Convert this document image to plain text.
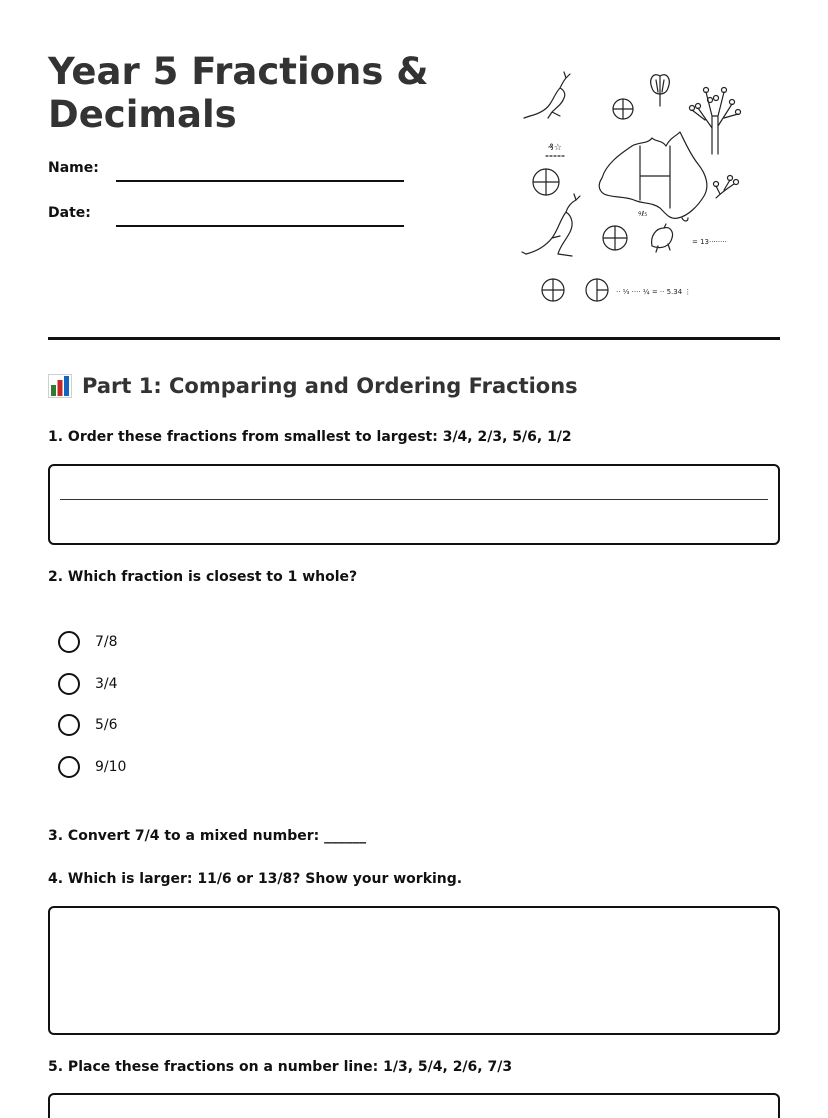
Year 5 Fractions & Decimals
Name:
Date:
₰☆
୨ℓ₅
= 13········
·· ⅓ ···· ¼ = ·· 5.34 ⋮
Part 1: Comparing and Ordering Fractions
1. Order these fractions from smallest to largest: 3/4, 2/3, 5/6, 1/2
2. Which fraction is closest to 1 whole?
7/8
3/4
5/6
9/10
3. Convert 7/4 to a mixed number: ______
4. Which is larger: 11/6 or 13/8? Show your working.
5. Place these fractions on a number line: 1/3, 5/4, 2/6, 7/3
